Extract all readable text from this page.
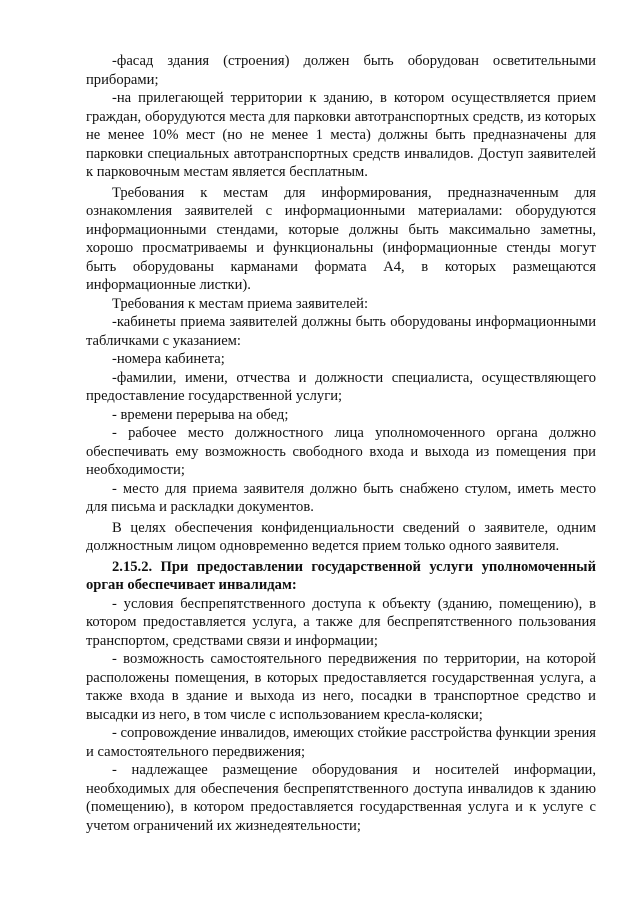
-фасад здания (строения) должен быть оборудован осветительными приборами;

-на прилегающей территории к зданию, в котором осуществляется прием граждан, оборудуются места для парковки автотранспортных средств, из которых не менее 10% мест (но не менее 1 места) должны быть предназначены для парковки специальных автотранспортных средств инвалидов. Доступ заявителей к парковочным местам является бесплатным.

Требования к местам для информирования, предназначенным для ознакомления заявителей с информационными материалами: оборудуются информационными стендами, которые должны быть максимально заметны, хорошо просматриваемы и функциональны (информационные стенды могут быть оборудованы карманами формата А4, в которых размещаются информационные листки).

Требования к местам приема заявителей:

-кабинеты приема заявителей должны быть оборудованы информационными табличками с указанием:

-номера кабинета;

-фамилии, имени, отчества и должности специалиста, осуществляющего предоставление государственной услуги;

- времени перерыва на обед;

- рабочее место должностного лица уполномоченного органа должно обеспечивать ему возможность свободного входа и выхода из помещения при необходимости;

- место для приема заявителя должно быть снабжено стулом, иметь место для письма и раскладки документов.

В целях обеспечения конфиденциальности сведений о заявителе, одним должностным лицом одновременно ведется прием только одного заявителя.

2.15.2. При предоставлении государственной услуги уполномоченный орган обеспечивает инвалидам:

- условия беспрепятственного доступа к объекту (зданию, помещению), в котором предоставляется услуга, а также для беспрепятственного пользования транспортом, средствами связи и информации;

- возможность самостоятельного передвижения по территории, на которой расположены помещения, в которых предоставляется государственная услуга, а также входа в здание и выхода из него, посадки в транспортное средство и высадки из него, в том числе с использованием кресла-коляски;

- сопровождение инвалидов, имеющих стойкие расстройства функции зрения и самостоятельного передвижения;

- надлежащее размещение оборудования и носителей информации, необходимых для обеспечения беспрепятственного доступа инвалидов к зданию (помещению), в котором предоставляется государственная услуга и к услуге с учетом ограничений их жизнедеятельности;
